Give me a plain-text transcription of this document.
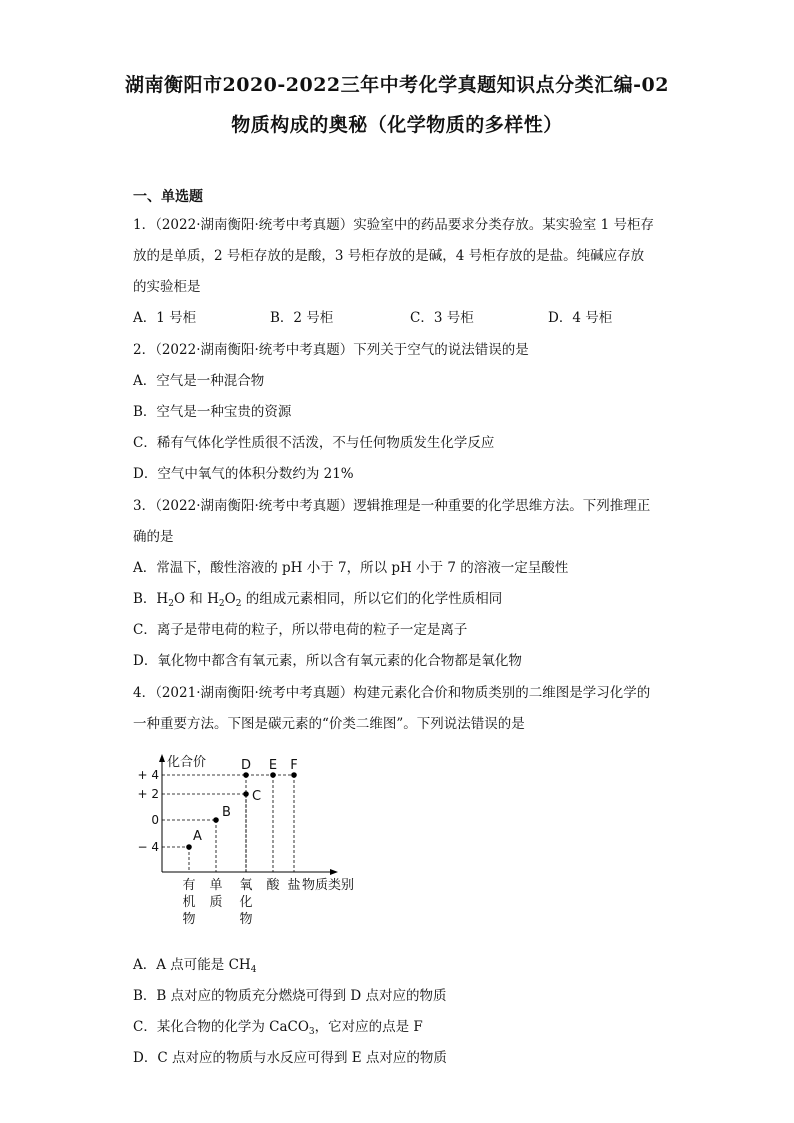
湖南衡阳市2020-2022三年中考化学真题知识点分类汇编-02
物质构成的奥秘（化学物质的多样性）
一、单选题
1．（2022·湖南衡阳·统考中考真题）实验室中的药品要求分类存放。某实验室 1 号柜存
放的是单质，2 号柜存放的是酸，3 号柜存放的是碱，4 号柜存放的是盐。纯碱应存放
的实验柜是
A．1 号柜	B．2 号柜	C．3 号柜	D．4 号柜
2．（2022·湖南衡阳·统考中考真题）下列关于空气的说法错误的是
A．空气是一种混合物
B．空气是一种宝贵的资源
C．稀有气体化学性质很不活泼，不与任何物质发生化学反应
D．空气中氧气的体积分数约为 21%
3．（2022·湖南衡阳·统考中考真题）逻辑推理是一种重要的化学思维方法。下列推理正
确的是
A．常温下，酸性溶液的 pH 小于 7，所以 pH 小于 7 的溶液一定呈酸性
B．$H_2O$ 和 $H_2O_2$ 的组成元素相同，所以它们的化学性质相同
C．离子是带电荷的粒子，所以带电荷的粒子一定是离子
D．氧化物中都含有氧元素，所以含有氧元素的化合物都是氧化物
4．（2021·湖南衡阳·统考中考真题）构建元素化合价和物质类别的二维图是学习化学的
一种重要方法。下图是碳元素的“价类二维图”。下列说法错误的是
化合价
+ 4
+ 2
0
− 4
有
机
物
单
质
氧
化
物
酸 盐 物质类别
A
B
C
D E F
A．A 点可能是 $CH_4$
B．B 点对应的物质充分燃烧可得到 D 点对应的物质
C．某化合物的化学为 CaCO$_3$，它对应的点是 F
D．C 点对应的物质与水反应可得到 E 点对应的物质
